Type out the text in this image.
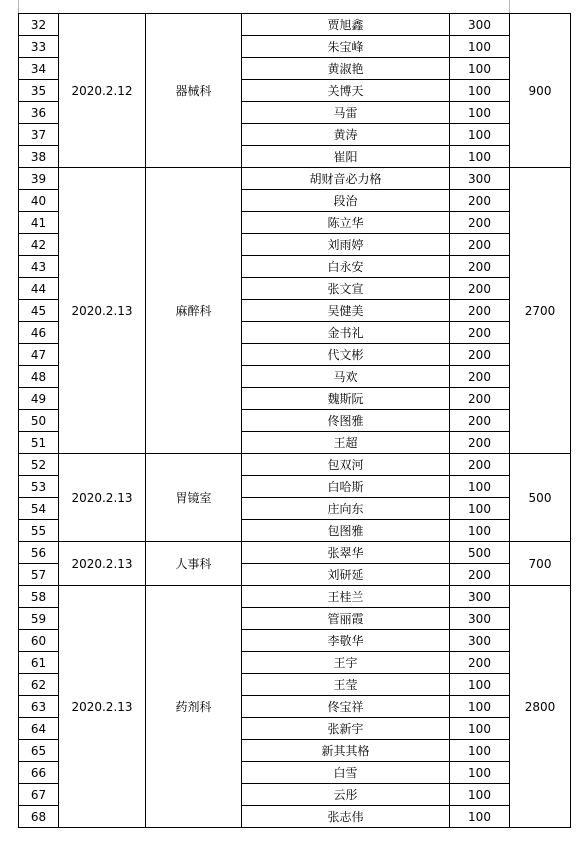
32	2020.2.12	器械科	贾旭鑫	300	900
33			朱宝峰	100	
34			黄淑艳	100	
35			关博天	100	
36			马雷	100	
37			黄涛	100	
38			崔阳	100	
39	2020.2.13	麻醉科	胡财音必力格	300	2700
40			段治	200	
41			陈立华	200	
42			刘雨婷	200	
43			白永安	200	
44			张文宣	200	
45			吴健美	200	
46			金书礼	200	
47			代文彬	200	
48			马欢	200	
49			魏斯阮	200	
50			佟图雅	200	
51			王超	200	
52	2020.2.13	胃镜室	包双河	200	500
53			白哈斯	100	
54			庄向东	100	
55			包图雅	100	
56	2020.2.13	人事科	张翠华	500	700
57			刘研延	200	
58	2020.2.13	药剂科	王桂兰	300	2800
59			管丽霞	300	
60			李敬华	300	
61			王宇	200	
62			王莹	100	
63			佟宝祥	100	
64			张新宇	100	
65			新其其格	100	
66			白雪	100	
67			云彤	100	
68			张志伟	100	
